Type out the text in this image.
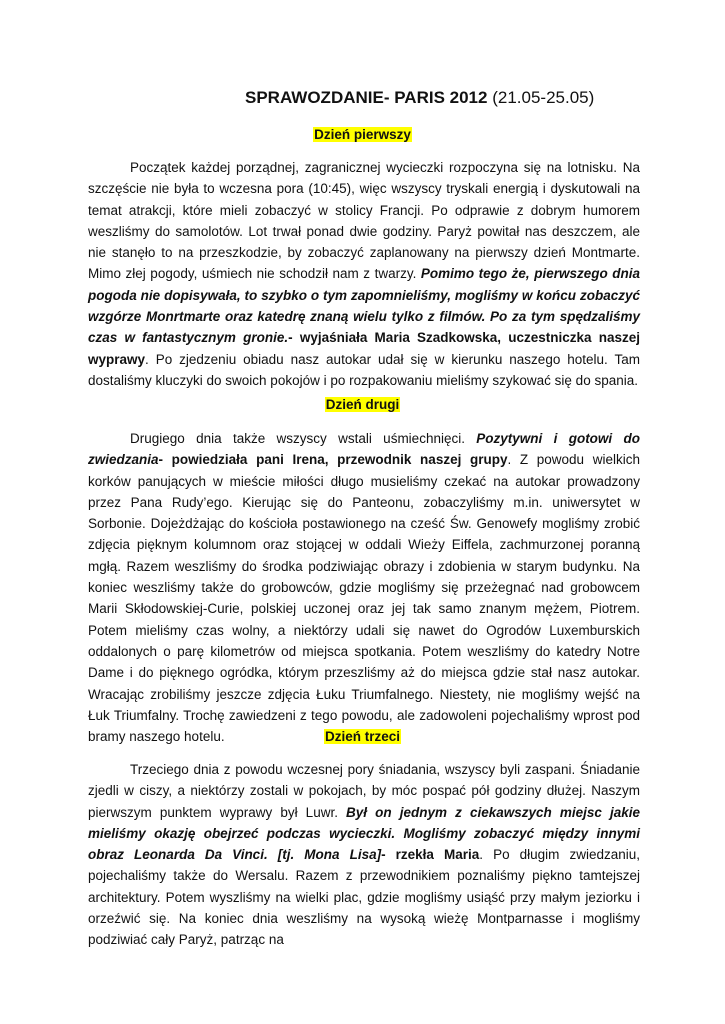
SPRAWOZDANIE- PARIS 2012 (21.05-25.05)
Dzień pierwszy

Początek każdej porządnej, zagranicznej wycieczki rozpoczyna się na lotnisku. Na szczęście nie była to wczesna pora (10:45), więc wszyscy tryskali energią i dyskutowali na temat atrakcji, które mieli zobaczyć w stolicy Francji. Po odprawie z dobrym humorem weszliśmy do samolotów. Lot trwał ponad dwie godziny. Paryż powitał nas deszczem, ale nie stanęło to na przeszkodzie, by zobaczyć zaplanowany na pierwszy dzień Montmarte. Mimo złej pogody, uśmiech nie schodził nam z twarzy. Pomimo tego że, pierwszego dnia pogoda nie dopisywała, to szybko o tym zapomnieliśmy, mogliśmy w końcu zobaczyć wzgórze Monrtmarte oraz katedrę znaną wielu tylko z filmów. Po za tym spędzaliśmy czas w fantastycznym gronie.- wyjaśniała Maria Szadkowska, uczestniczka naszej wyprawy. Po zjedzeniu obiadu nasz autokar udał się w kierunku naszego hotelu. Tam dostaliśmy kluczyki do swoich pokojów i po rozpakowaniu mieliśmy szykować się do spania.

Dzień drugi

Drugiego dnia także wszyscy wstali uśmiechnięci. Pozytywni i gotowi do zwiedzania- powiedziała pani Irena, przewodnik naszej grupy. Z powodu wielkich korków panujących w mieście miłości długo musieliśmy czekać na autokar prowadzony przez Pana Rudy’ego. Kierując się do Panteonu, zobaczyliśmy m.in. uniwersytet w Sorbonie. Dojeżdżając do kościoła postawionego na cześć Św. Genowefy mogliśmy zrobić zdjęcia pięknym kolumnom oraz stojącej w oddali Wieży Eiffela, zachmurzonej poranną mgłą. Razem weszliśmy do środka podziwiając obrazy i zdobienia w starym budynku. Na koniec weszliśmy także do grobowców, gdzie mogliśmy się przeżegnać nad grobowcem Marii Skłodowskiej-Curie, polskiej uczonej oraz jej tak samo znanym mężem, Piotrem. Potem mieliśmy czas wolny, a niektórzy udali się nawet do Ogrodów Luxemburskich oddalonych o parę kilometrów od miejsca spotkania. Potem weszliśmy do katedry Notre Dame i do pięknego ogródka, którym przeszliśmy aż do miejsca gdzie stał nasz autokar. Wracając zrobiliśmy jeszcze zdjęcia Łuku Triumfalnego. Niestety, nie mogliśmy wejść na Łuk Triumfalny. Trochę zawiedzeni z tego powodu, ale zadowoleni pojechaliśmy wprost pod bramy naszego hotelu.	Dzień trzeci

Trzeciego dnia z powodu wczesnej pory śniadania, wszyscy byli zaspani. Śniadanie zjedli w ciszy, a niektórzy zostali w pokojach, by móc pospać pół godziny dłużej. Naszym pierwszym punktem wyprawy był Luwr. Był on jednym z ciekawszych miejsc jakie mieliśmy okazję obejrzeć podczas wycieczki. Mogliśmy zobaczyć między innymi obraz Leonarda Da Vinci. [tj. Mona Lisa]- rzekła Maria. Po długim zwiedzaniu, pojechaliśmy także do Wersalu. Razem z przewodnikiem poznaliśmy piękno tamtejszej architektury. Potem wyszliśmy na wielki plac, gdzie mogliśmy usiąść przy małym jeziorku i orzeźwić się. Na koniec dnia weszliśmy na wysoką wieżę Montparnasse i mogliśmy podziwiać cały Paryż, patrząc na
